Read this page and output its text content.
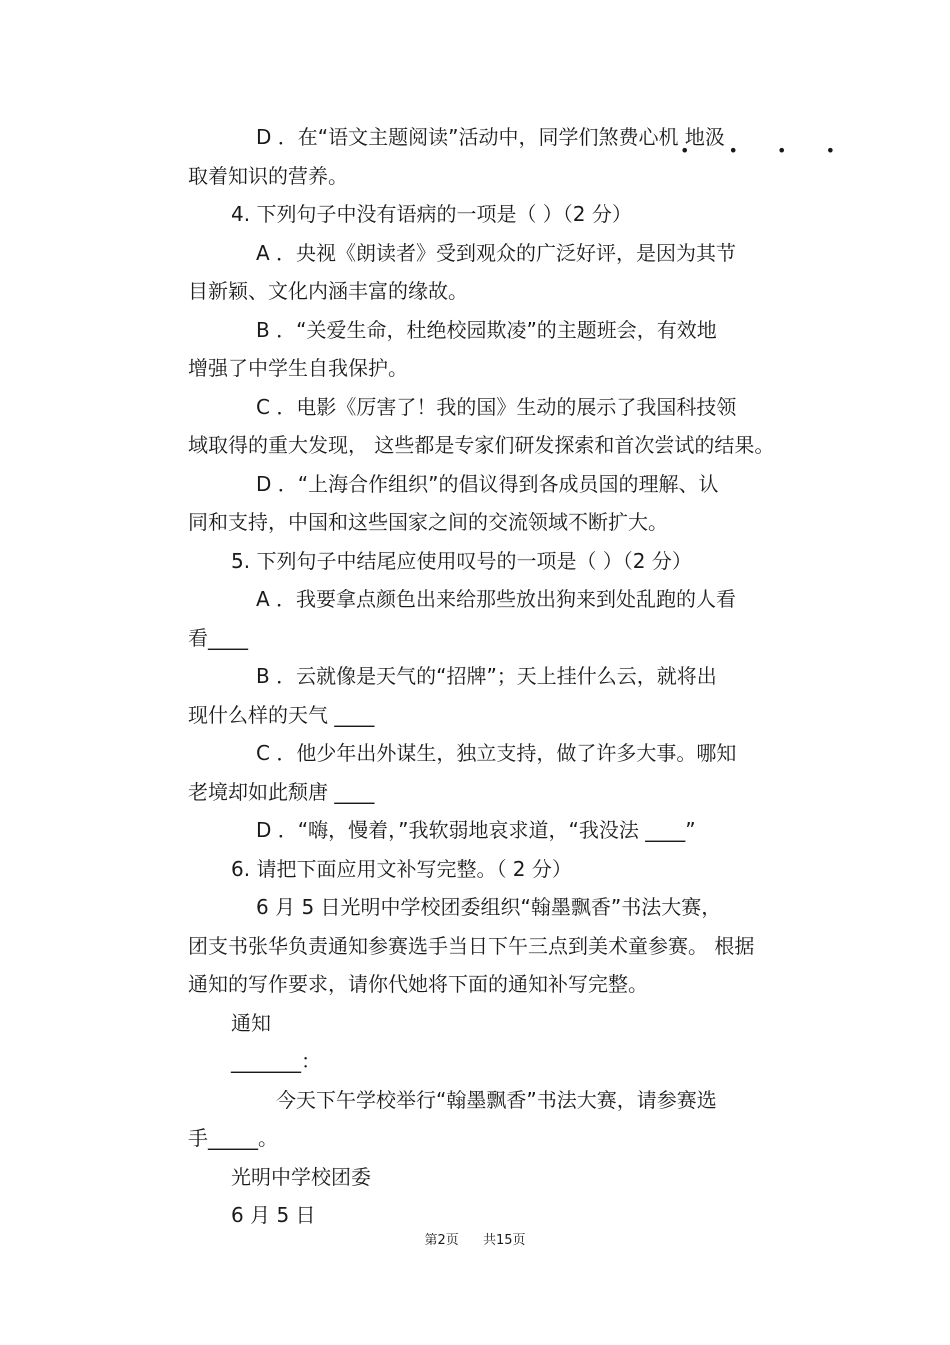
D ．在“语文主题阅读”活动中，同学们煞费心机 地汲
• • • •
取着知识的营养。
4. 下列句子中没有语病的一项是（ ）（2 分）
A ．央视《朗读者》受到观众的广泛好评，是因为其节
目新颖、文化内涵丰富的缘故。
B ．“关爱生命，杜绝校园欺凌”的主题班会，有效地
增强了中学生自我保护。
C ．电影《厉害了！我的国》生动的展示了我国科技领
域取得的重大发现， 这些都是专家们研发探索和首次尝试的结果。
D ．“上海合作组织”的倡议得到各成员国的理解、认
同和支持，中国和这些国家之间的交流领域不断扩大。
5. 下列句子中结尾应使用叹号的一项是（ ）（2 分）
A ．我要拿点颜色出来给那些放出狗来到处乱跑的人看
看____
B ．云就像是天气的“招牌”；天上挂什么云，就将出
现什么样的天气 ____
C ．他少年出外谋生，独立支持，做了许多大事。哪知
老境却如此颓唐 ____
D ．“嗨，慢着，”我软弱地哀求道，“我没法 ____”
6. 请把下面应用文补写完整。（ 2 分）
6 月 5 日光明中学校团委组织“翰墨飘香”书法大赛，
团支书张华负责通知参赛选手当日下午三点到美术童参赛。 根据
通知的写作要求，请你代她将下面的通知补写完整。
通知
_______：
今天下午学校举行“翰墨飘香”书法大赛，请参赛选
手_____。
光明中学校团委
6 月 5 日
第2页 共15页
